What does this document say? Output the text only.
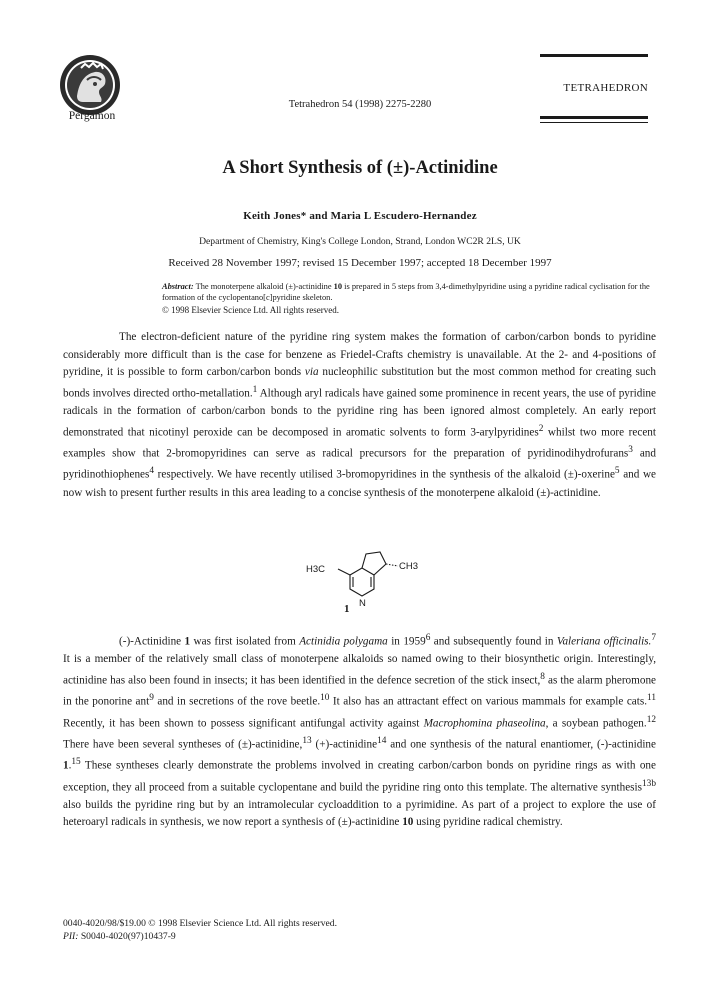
Pergamon
Tetrahedron 54 (1998) 2275-2280
TETRAHEDRON
A Short Synthesis of (±)-Actinidine
Keith Jones* and Maria L Escudero-Hernandez
Department of Chemistry, King's College London, Strand, London WC2R 2LS, UK
Received 28 November 1997; revised 15 December 1997; accepted 18 December 1997
Abstract: The monoterpene alkaloid (±)-actinidine 10 is prepared in 5 steps from 3,4-dimethylpyridine using a pyridine radical cyclisation for the formation of the cyclopentano[c]pyridine skeleton.
© 1998 Elsevier Science Ltd. All rights reserved.

The electron-deficient nature of the pyridine ring system makes the formation of carbon/carbon bonds to pyridine considerably more difficult than is the case for benzene as Friedel-Crafts chemistry is unavailable. At the 2- and 4-positions of pyridine, it is possible to form carbon/carbon bonds via nucleophilic substitution but the most common method for creating such bonds involves directed ortho-metallation.$^1$ Although aryl radicals have gained some prominence in recent years, the use of pyridine radicals in the formation of carbon/carbon bonds to the pyridine ring has been ignored almost completely. An early report demonstrated that nicotinyl peroxide can be decomposed in aromatic solvents to form 3-arylpyridines$^2$ whilst two more recent examples show that 2-bromopyridines can serve as radical precursors for the preparation of pyridinodihydrofurans$^3$ and pyridinothiophenes$^4$ respectively. We have recently utilised 3-bromopyridines in the synthesis of the alkaloid (±)-oxerine$^5$ and we now wish to present further results in this area leading to a concise synthesis of the monoterpene alkaloid (±)-actinidine.

H3C	CH3
N
1

(-)-Actinidine 1 was first isolated from Actinidia polygama in 1959$^6$ and subsequently found in Valeriana officinalis.$^7$ It is a member of the relatively small class of monoterpene alkaloids so named owing to their biosynthetic origin. Interestingly, actinidine has also been found in insects; it has been identified in the defence secretion of the stick insect,$^8$ as the alarm pheromone in the ponorine ant$^9$ and in secretions of the rove beetle.$^{10}$ It also has an attractant effect on various mammals for example cats.$^{11}$ Recently, it has been shown to possess significant antifungal activity against Macrophomina phaseolina, a soybean pathogen.$^{12}$ There have been several syntheses of (±)-actinidine,$^{13}$ (+)-actinidine$^{14}$ and one synthesis of the natural enantiomer, (-)-actinidine 1.15 These syntheses clearly demonstrate the problems involved in creating carbon/carbon bonds on pyridine rings as with one exception, they all proceed from a suitable cyclopentane and build the pyridine ring onto this template. The alternative synthesis$^{13b}$ also builds the pyridine ring but by an intramolecular cycloaddition to a pyrimidine. As part of a project to explore the use of heteroaryl radicals in synthesis, we now report a synthesis of (±)-actinidine 10 using pyridine radical chemistry.

0040-4020/98/$19.00 © 1998 Elsevier Science Ltd. All rights reserved.
PII: S0040-4020(97)10437-9
